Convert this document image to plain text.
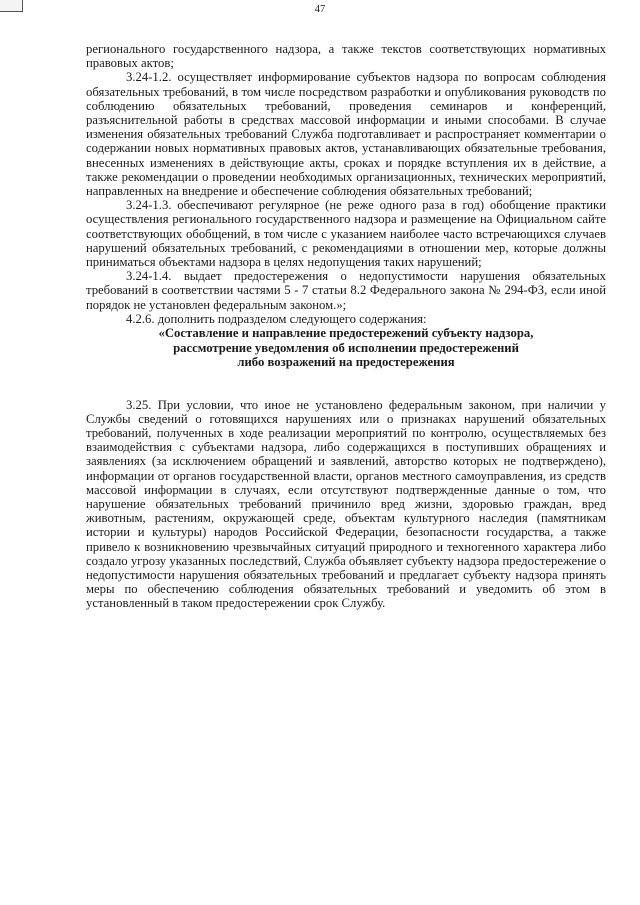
47

регионального государственного надзора, а также текстов соответствующих нормативных правовых актов;

3.24-1.2. осуществляет информирование субъектов надзора по вопросам соблюдения обязательных требований, в том числе посредством разработки и опубликования руководств по соблюдению обязательных требований, проведения семинаров и конференций, разъяснительной работы в средствах массовой информации и иными способами. В случае изменения обязательных требований Служба подготавливает и распространяет комментарии о содержании новых нормативных правовых актов, устанавливающих обязательные требования, внесенных изменениях в действующие акты, сроках и порядке вступления их в действие, а также рекомендации о проведении необходимых организационных, технических мероприятий, направленных на внедрение и обеспечение соблюдения обязательных требований;

3.24-1.3. обеспечивают регулярное (не реже одного раза в год) обобщение практики осуществления регионального государственного надзора и размещение на Официальном сайте соответствующих обобщений, в том числе с указанием наиболее часто встречающихся случаев нарушений обязательных требований, с рекомендациями в отношении мер, которые должны приниматься объектами надзора в целях недопущения таких нарушений;

3.24-1.4. выдает предостережения о недопустимости нарушения обязательных требований в соответствии частями 5 - 7 статьи 8.2 Федерального закона № 294-ФЗ, если иной порядок не установлен федеральным законом.»;

4.2.6. дополнить подразделом следующего содержания:

«Составление и направление предостережений субъекту надзора,
рассмотрение уведомления об исполнении предостережений
либо возражений на предостережения

3.25. При условии, что иное не установлено федеральным законом, при наличии у Службы сведений о готовящихся нарушениях или о признаках нарушений обязательных требований, полученных в ходе реализации мероприятий по контролю, осуществляемых без взаимодействия с субъектами надзора, либо содержащихся в поступивших обращениях и заявлениях (за исключением обращений и заявлений, авторство которых не подтверждено), информации от органов государственной власти, органов местного самоуправления, из средств массовой информации в случаях, если отсутствуют подтвержденные данные о том, что нарушение обязательных требований причинило вред жизни, здоровью граждан, вред животным, растениям, окружающей среде, объектам культурного наследия (памятникам истории и культуры) народов Российской Федерации, безопасности государства, а также привело к возникновению чрезвычайных ситуаций природного и техногенного характера либо создало угрозу указанных последствий, Служба объявляет субъекту надзора предостережение о недопустимости нарушения обязательных требований и предлагает субъекту надзора принять меры по обеспечению соблюдения обязательных требований и уведомить об этом в установленный в таком предостережении срок Службу.
